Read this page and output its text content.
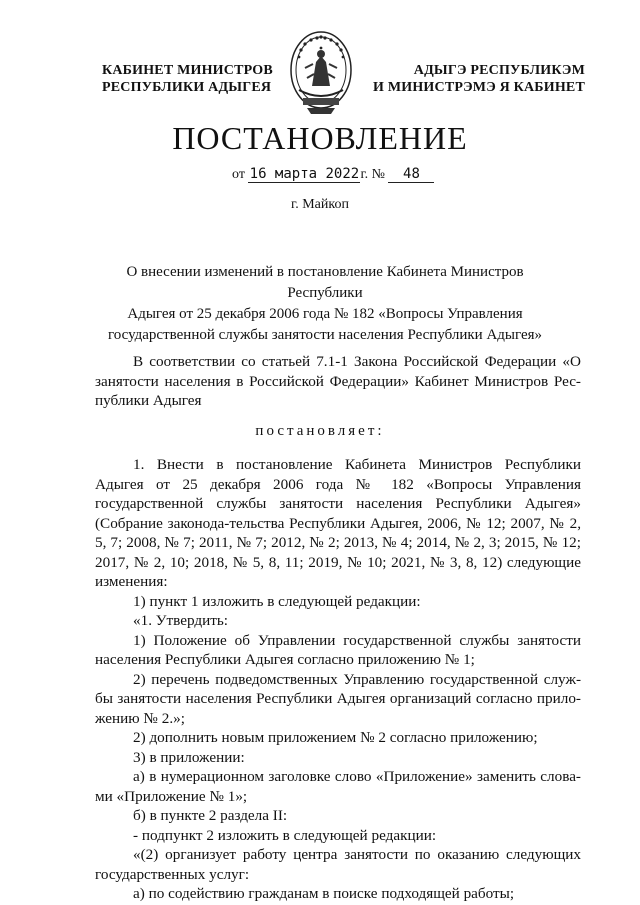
КАБИНЕТ МИНИСТРОВ
РЕСПУБЛИКИ АДЫГЕЯ
АДЫГЭ РЕСПУБЛИКЭМ
И МИНИСТРЭМЭ Я КАБИНЕТ
ПОСТАНОВЛЕНИЕ
от 16 марта 2022г. № 48
г. Майкоп
О внесении изменений в постановление Кабинета Министров Республики
Адыгея от 25 декабря 2006 года № 182 «Вопросы Управления
государственной службы занятости населения Республики Адыгея»
В соответствии со статьей 7.1-1 Закона Российской Федерации «О занятости населения в Российской Федерации» Кабинет Министров Рес-публики Адыгея
постановляет:

1. Внести в постановление Кабинета Министров Республики Адыгея от 25 декабря 2006 года № 182 «Вопросы Управления государственной службы занятости населения Республики Адыгея» (Собрание законода-тельства Республики Адыгея, 2006, № 12; 2007, № 2, 5, 7; 2008, № 7; 2011, № 7; 2012, № 2; 2013, № 4; 2014, № 2, 3; 2015, № 12; 2017, № 2, 10; 2018, № 5, 8, 11; 2019, № 10; 2021, № 3, 8, 12) следующие изменения:

1) пункт 1 изложить в следующей редакции:

«1. Утвердить:

1) Положение об Управлении государственной службы занятости населения Республики Адыгея согласно приложению № 1;

2) перечень подведомственных Управлению государственной служ-бы занятости населения Республики Адыгея организаций согласно прило-жению № 2.»;

2) дополнить новым приложением № 2 согласно приложению;

3) в приложении:

а) в нумерационном заголовке слово «Приложение» заменить слова-ми «Приложение № 1»;

б) в пункте 2 раздела II:

- подпункт 2 изложить в следующей редакции:

«(2) организует работу центра занятости по оказанию следующих государственных услуг:

а) по содействию гражданам в поиске подходящей работы;
